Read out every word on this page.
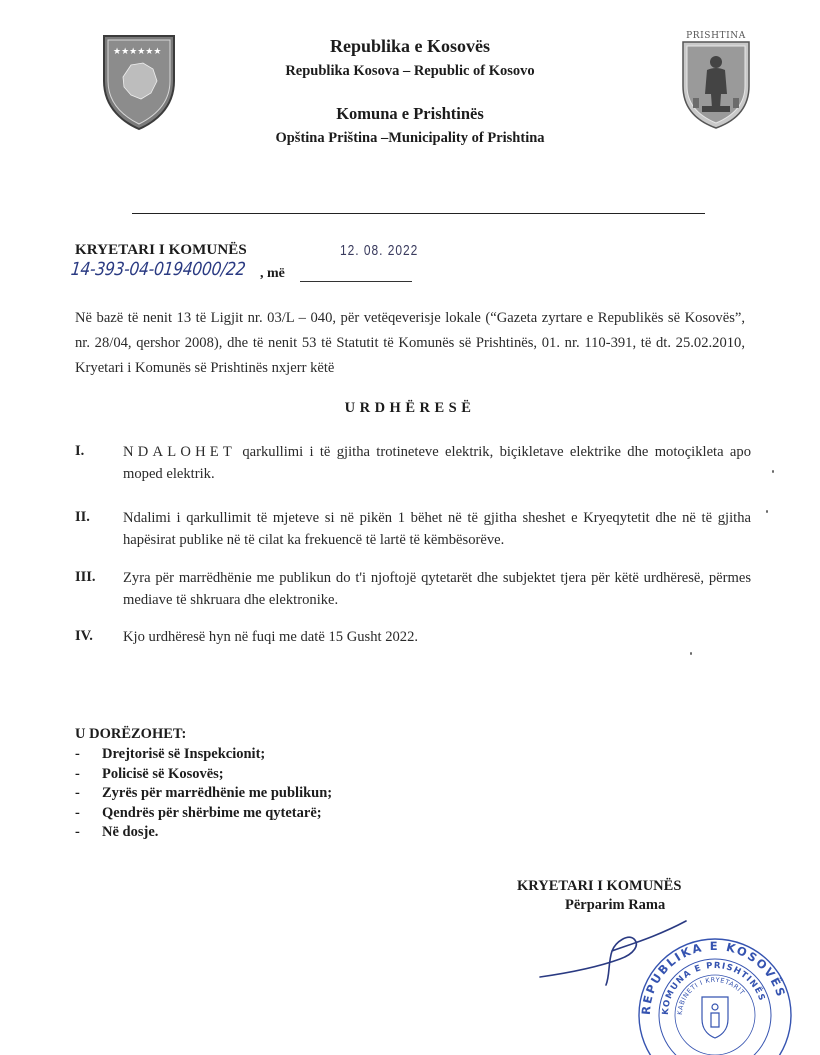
★★★★★★	Republika e Kosovës
Republika Kosova – Republic of Kosovo
Komuna e Prishtinës
Opština Priština –Municipality of Prishtina
PRISHTINA
KRYETARI I KOMUNËS	12. 08. 2022
14-393-04-0194000/22 , më
Në bazë të nenit 13 të Ligjit nr. 03/L – 040, për vetëqeverisje lokale (“Gazeta zyrtare e Republikës së Kosovës”, nr. 28/04, qershor 2008), dhe të nenit 53 të Statutit të Komunës së Prishtinës, 01. nr. 110-391, të dt. 25.02.2010, Kryetari i Komunës së Prishtinës nxjerr këtë
URDHËRESË
I.	NDALOHET qarkullimi i të gjitha trotineteve elektrik, biçikletave elektrike dhe motoçikleta apo moped elektrik.
II. Ndalimi i qarkullimit të mjeteve si në pikën 1 bëhet në të gjitha sheshet e Kryeqytetit dhe në të gjitha hapësirat publike në të cilat ka frekuencë të lartë të këmbësorëve.
III. Zyra për marrëdhënie me publikun do t'i njoftojë qytetarët dhe subjektet tjera për këtë urdhëresë, përmes mediave të shkruara dhe elektronike.
IV. Kjo urdhëresë hyn në fuqi me datë 15 Gusht 2022.
U DORËZOHET:
- Drejtorisë së Inspekcionit;
- Policisë së Kosovës;
- Zyrës për marrëdhënie me publikun;
- Qendrës për shërbime me qytetarë;
- Në dosje.
KRYETARI I KOMUNËS
Përparim Rama
REPUBLIKA E KOSOVËS
KOMUNA E PRISHTINËS
KABINETI I KRYETARIT
